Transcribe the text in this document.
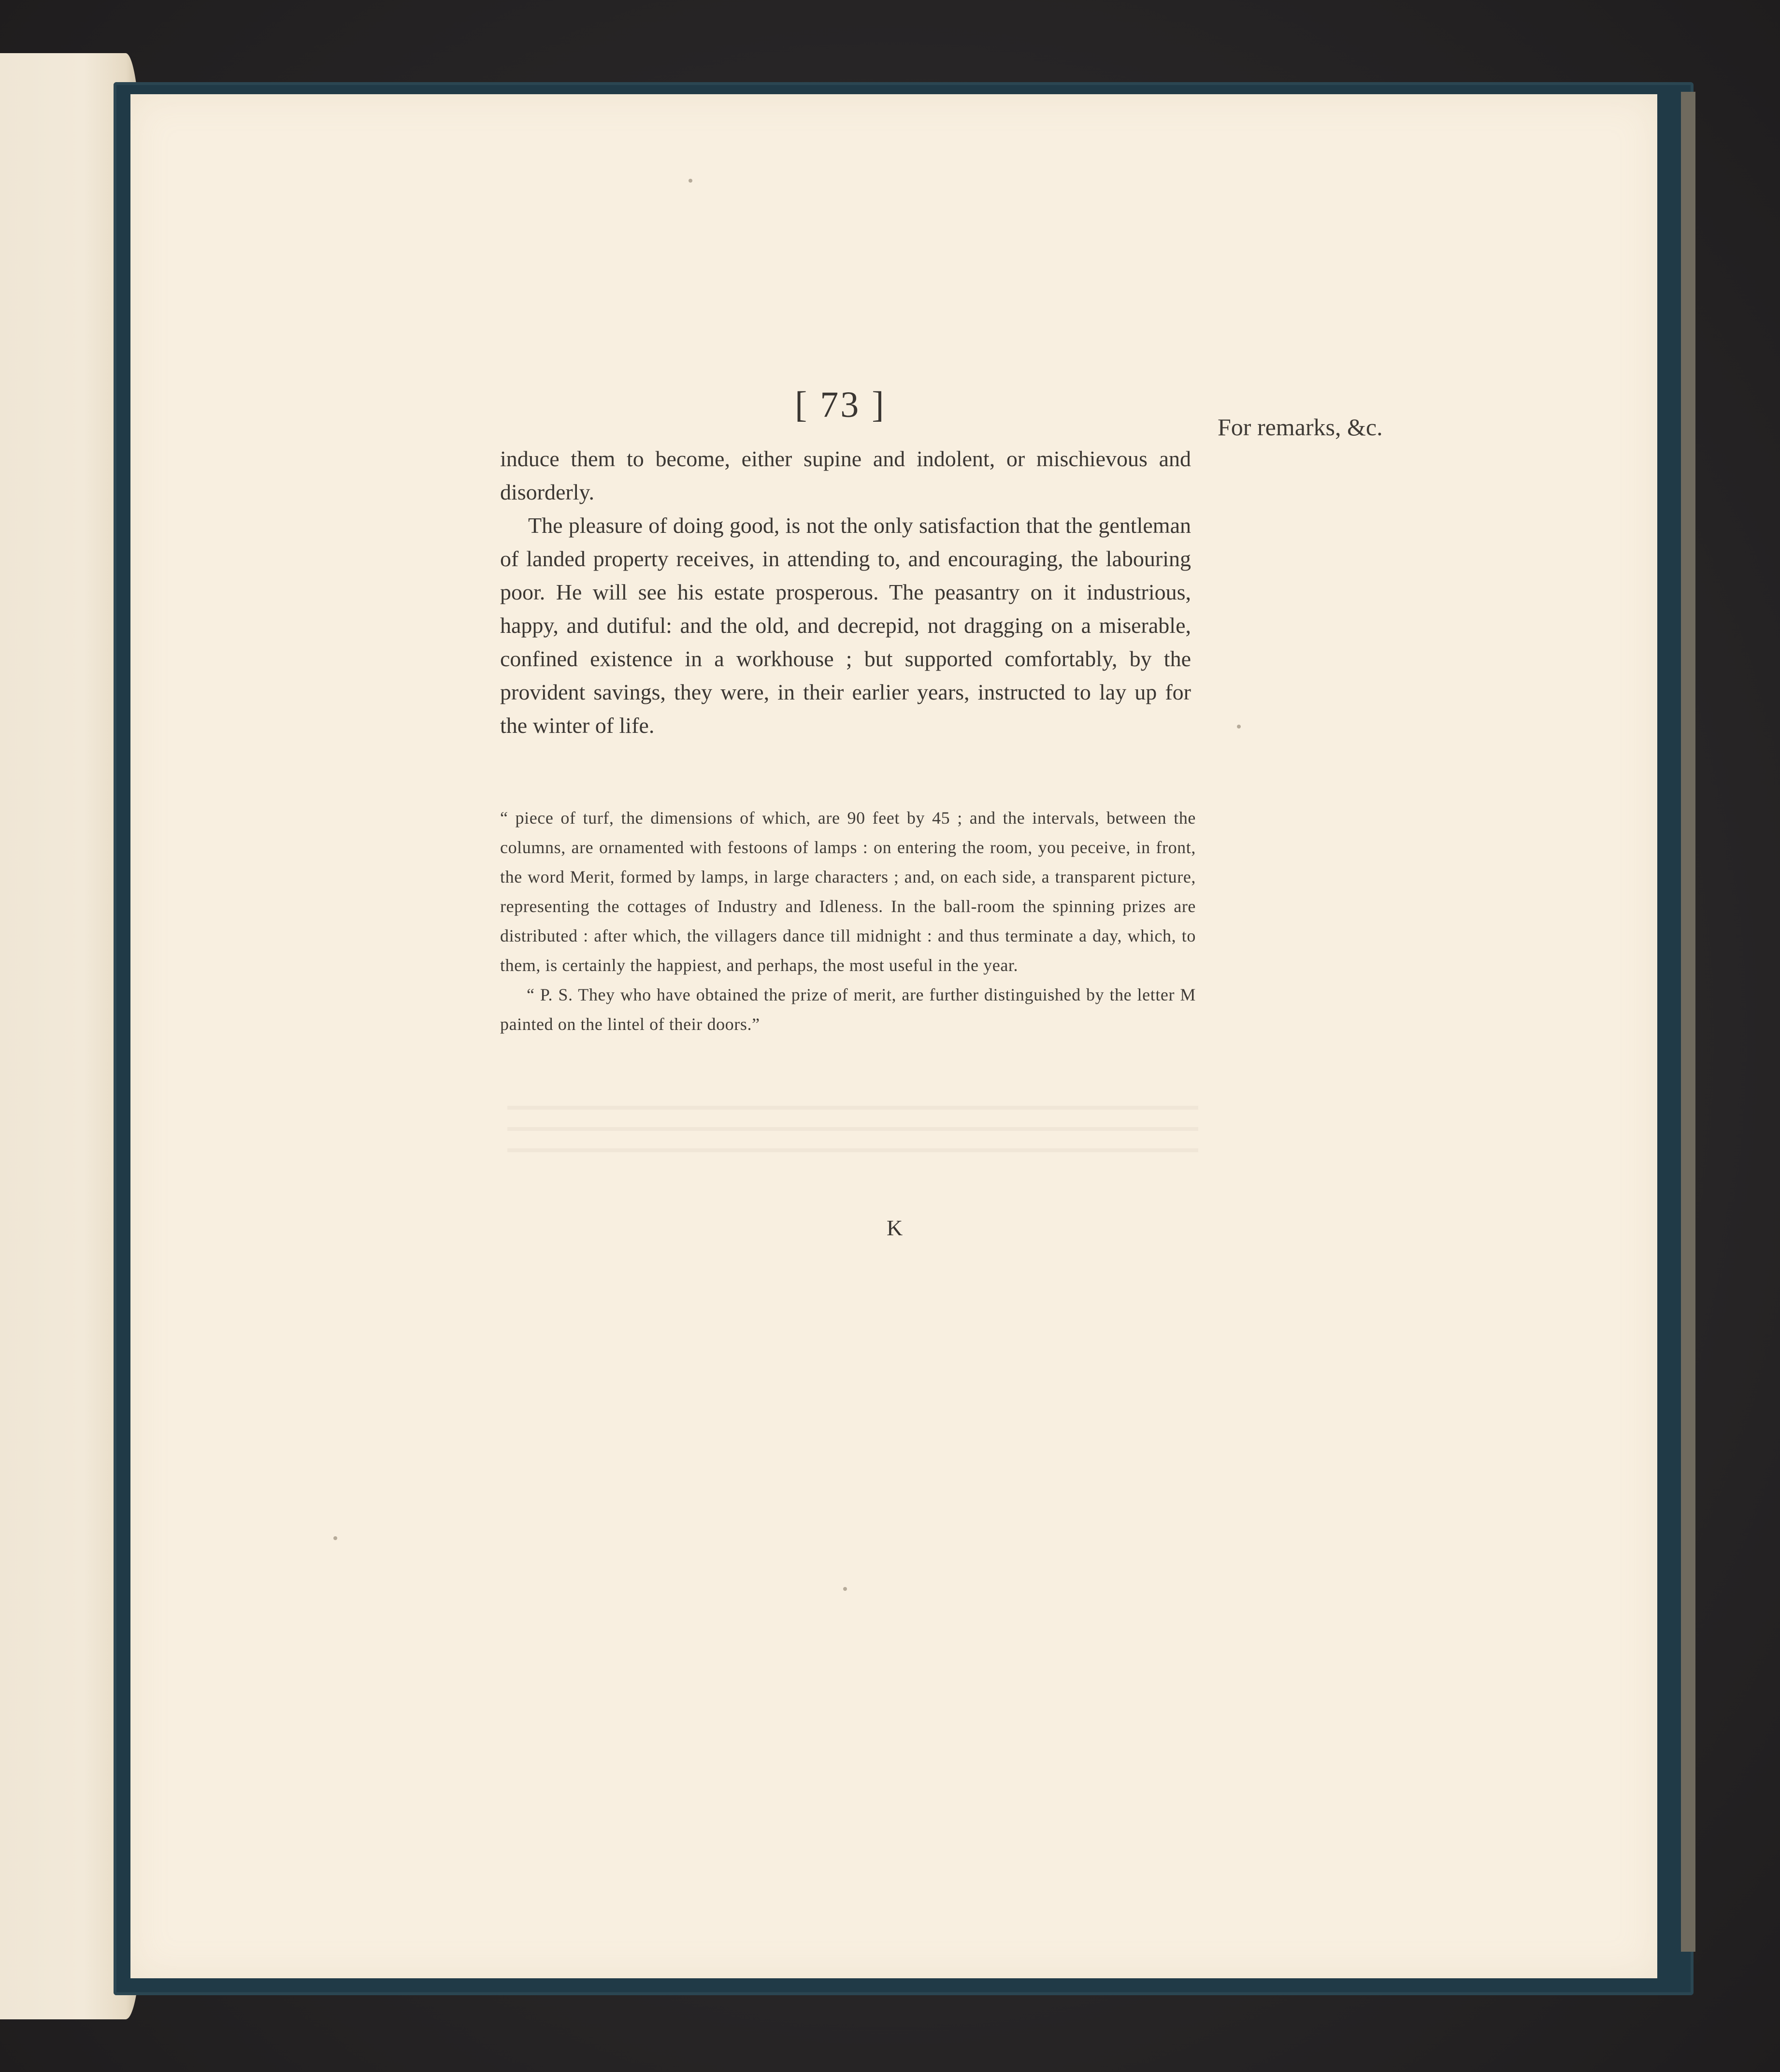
[ 73 ]
For remarks, &c.

induce them to become, either supine and indolent, or mischievous and disorderly.

The pleasure of doing good, is not the only satisfaction that the gentleman of landed property receives, in attending to, and encouraging, the labouring poor. He will see his estate prosperous. The peasantry on it industrious, happy, and dutiful: and the old, and decrepid, not dragging on a miserable, confined existence in a workhouse ; but supported comfortably, by the provident savings, they were, in their earlier years, instructed to lay up for the winter of life.

“ piece of turf, the dimensions of which, are 90 feet by 45 ; and the intervals, between the columns, are ornamented with festoons of lamps : on entering the room, you peceive, in front, the word Merit, formed by lamps, in large characters ; and, on each side, a transparent picture, representing the cottages of Industry and Idleness. In the ball-room the spinning prizes are distributed : after which, the villagers dance till midnight : and thus terminate a day, which, to them, is certainly the happiest, and perhaps, the most useful in the year.

“ P. S. They who have obtained the prize of merit, are further distinguished by the letter M painted on the lintel of their doors.”

K
